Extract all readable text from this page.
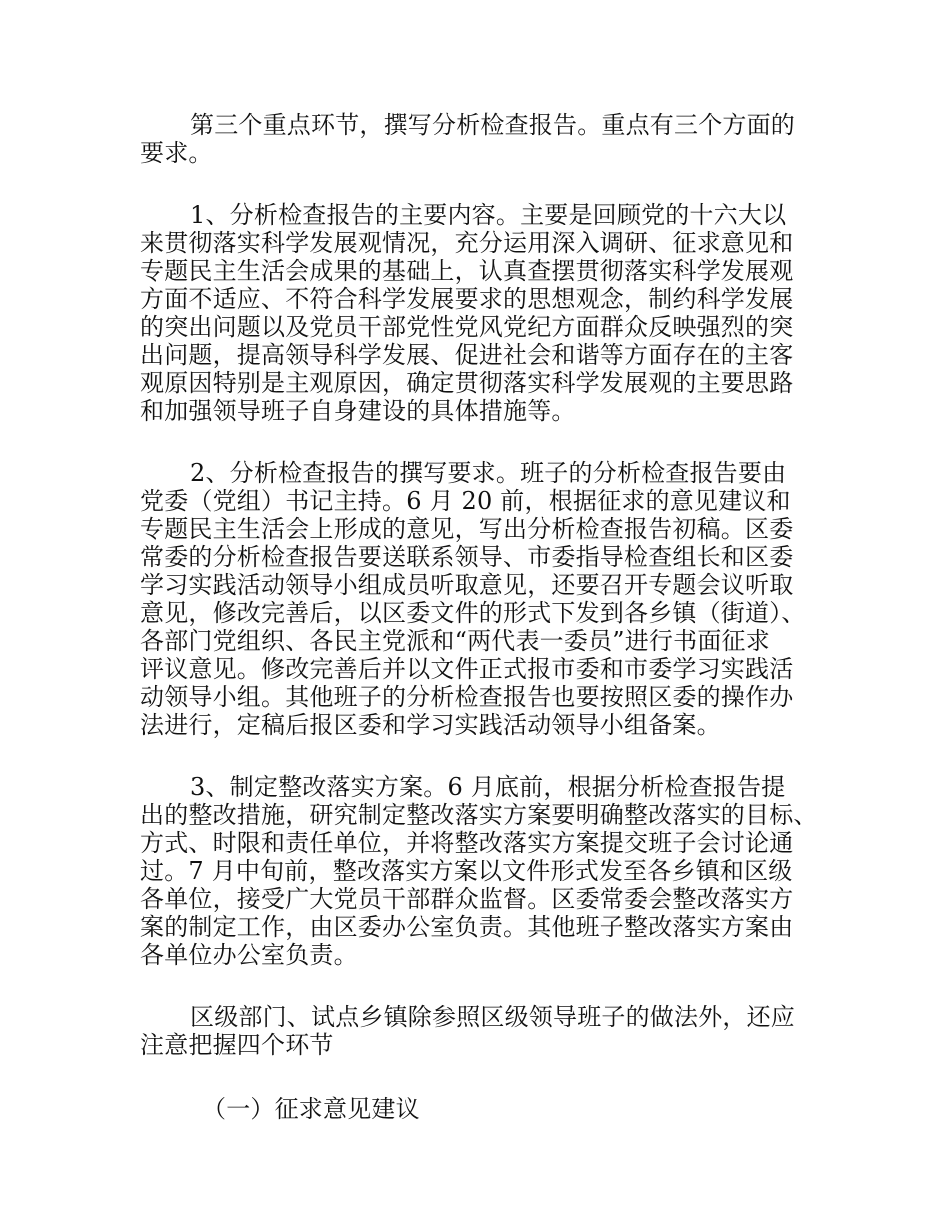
第三个重点环节，撰写分析检查报告。重点有三个方面的
要求。

1、分析检查报告的主要内容。主要是回顾党的十六大以
来贯彻落实科学发展观情况，充分运用深入调研、征求意见和
专题民主生活会成果的基础上，认真查摆贯彻落实科学发展观
方面不适应、不符合科学发展要求的思想观念，制约科学发展
的突出问题以及党员干部党性党风党纪方面群众反映强烈的突
出问题，提高领导科学发展、促进社会和谐等方面存在的主客
观原因特别是主观原因，确定贯彻落实科学发展观的主要思路
和加强领导班子自身建设的具体措施等。

2、分析检查报告的撰写要求。班子的分析检查报告要由
党委（党组）书记主持。6 月 20 前，根据征求的意见建议和
专题民主生活会上形成的意见，写出分析检查报告初稿。区委
常委的分析检查报告要送联系领导、市委指导检查组长和区委
学习实践活动领导小组成员听取意见，还要召开专题会议听取
意见，修改完善后，以区委文件的形式下发到各乡镇（街道）、
各部门党组织、各民主党派和“两代表一委员”进行书面征求
评议意见。修改完善后并以文件正式报市委和市委学习实践活
动领导小组。其他班子的分析检查报告也要按照区委的操作办
法进行，定稿后报区委和学习实践活动领导小组备案。

3、制定整改落实方案。6 月底前，根据分析检查报告提
出的整改措施，研究制定整改落实方案要明确整改落实的目标、
方式、时限和责任单位，并将整改落实方案提交班子会讨论通
过。7 月中旬前，整改落实方案以文件形式发至各乡镇和区级
各单位，接受广大党员干部群众监督。区委常委会整改落实方
案的制定工作，由区委办公室负责。其他班子整改落实方案由
各单位办公室负责。

区级部门、试点乡镇除参照区级领导班子的做法外，还应
注意把握四个环节

（一）征求意见建议
